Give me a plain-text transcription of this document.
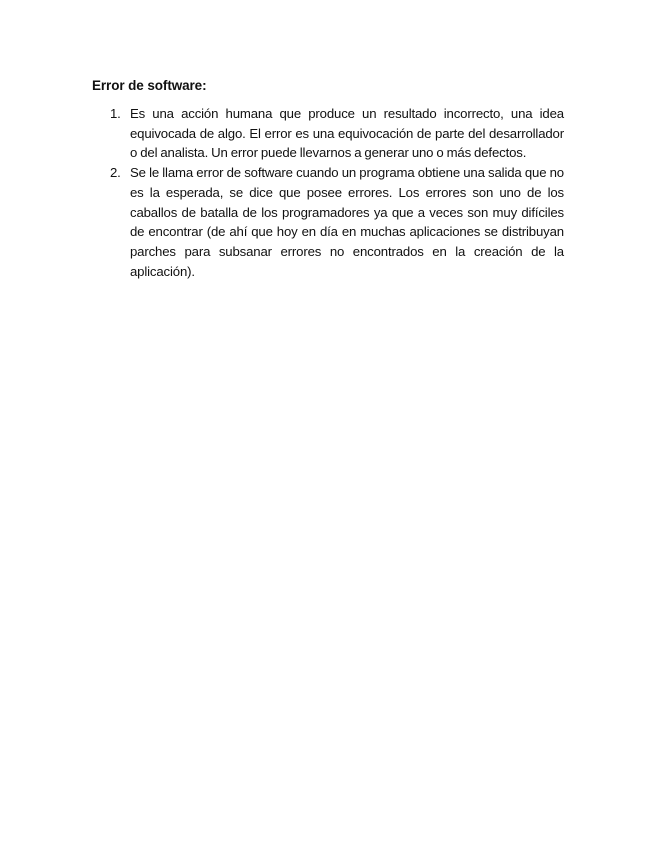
Error de software:

1. Es una acción humana que produce un resultado incorrecto, una idea equivocada de algo. El error es una equivocación de parte del desarrollador o del analista. Un error puede llevarnos a generar uno o más defectos.
2. Se le llama error de software cuando un programa obtiene una salida que no es la esperada, se dice que posee errores. Los errores son uno de los caballos de batalla de los programadores ya que a veces son muy difíciles de encontrar (de ahí que hoy en día en muchas aplicaciones se distribuyan parches para subsanar errores no encontrados en la creación de la aplicación).
